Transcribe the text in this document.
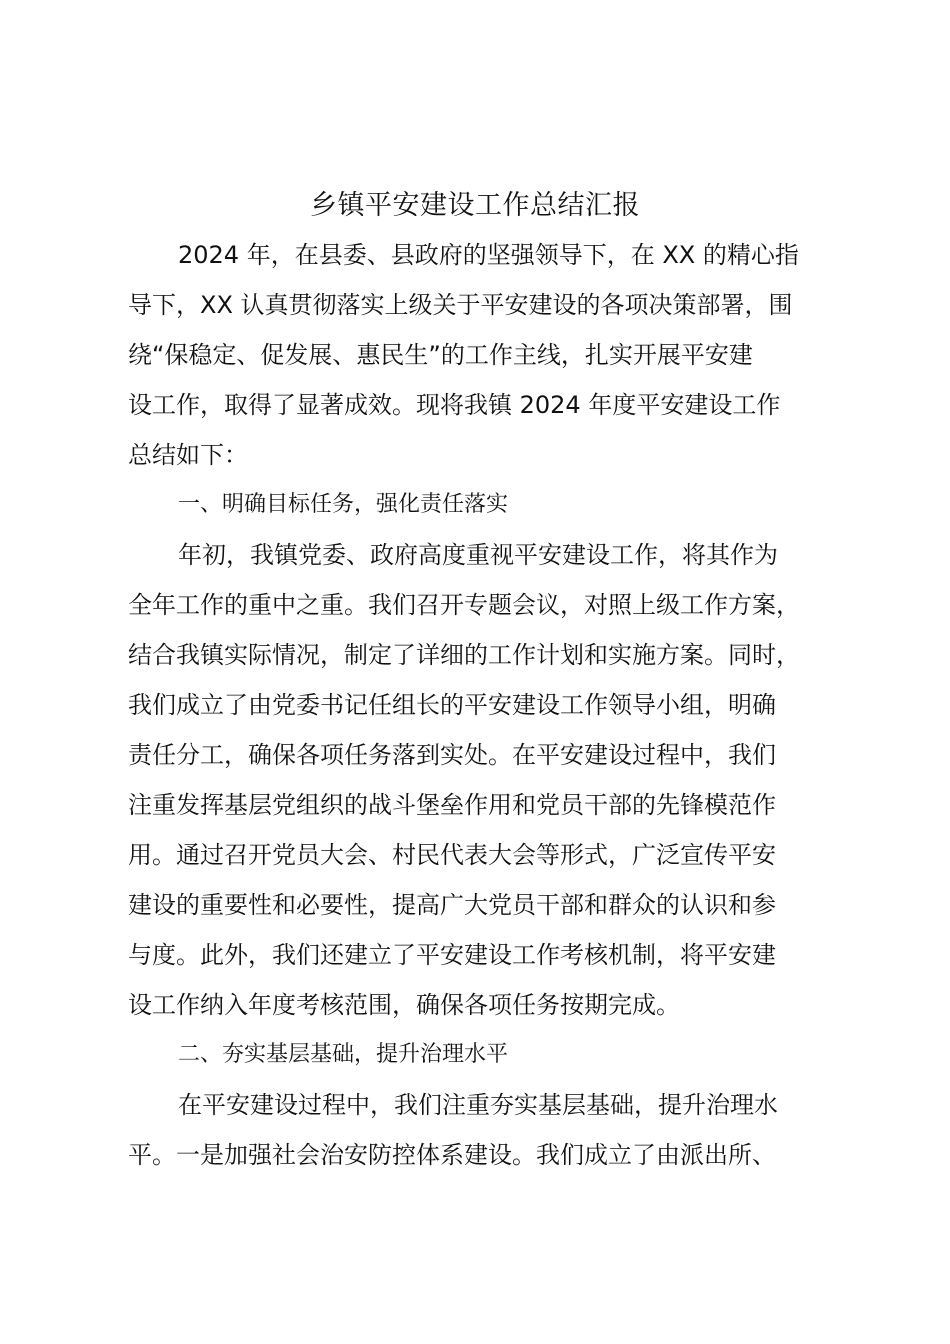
乡镇平安建设工作总结汇报
2024 年，在县委、县政府的坚强领导下，在 XX 的精心指
导下，XX 认真贯彻落实上级关于平安建设的各项决策部署，围
绕“保稳定、促发展、惠民生”的工作主线，扎实开展平安建
设工作，取得了显著成效。现将我镇 2024 年度平安建设工作
总结如下：
一、明确目标任务，强化责任落实
年初，我镇党委、政府高度重视平安建设工作，将其作为
全年工作的重中之重。我们召开专题会议，对照上级工作方案，
结合我镇实际情况，制定了详细的工作计划和实施方案。同时，
我们成立了由党委书记任组长的平安建设工作领导小组，明确
责任分工，确保各项任务落到实处。在平安建设过程中，我们
注重发挥基层党组织的战斗堡垒作用和党员干部的先锋模范作
用。通过召开党员大会、村民代表大会等形式，广泛宣传平安
建设的重要性和必要性，提高广大党员干部和群众的认识和参
与度。此外，我们还建立了平安建设工作考核机制，将平安建
设工作纳入年度考核范围，确保各项任务按期完成。
二、夯实基层基础，提升治理水平
在平安建设过程中，我们注重夯实基层基础，提升治理水
平。一是加强社会治安防控体系建设。我们成立了由派出所、
